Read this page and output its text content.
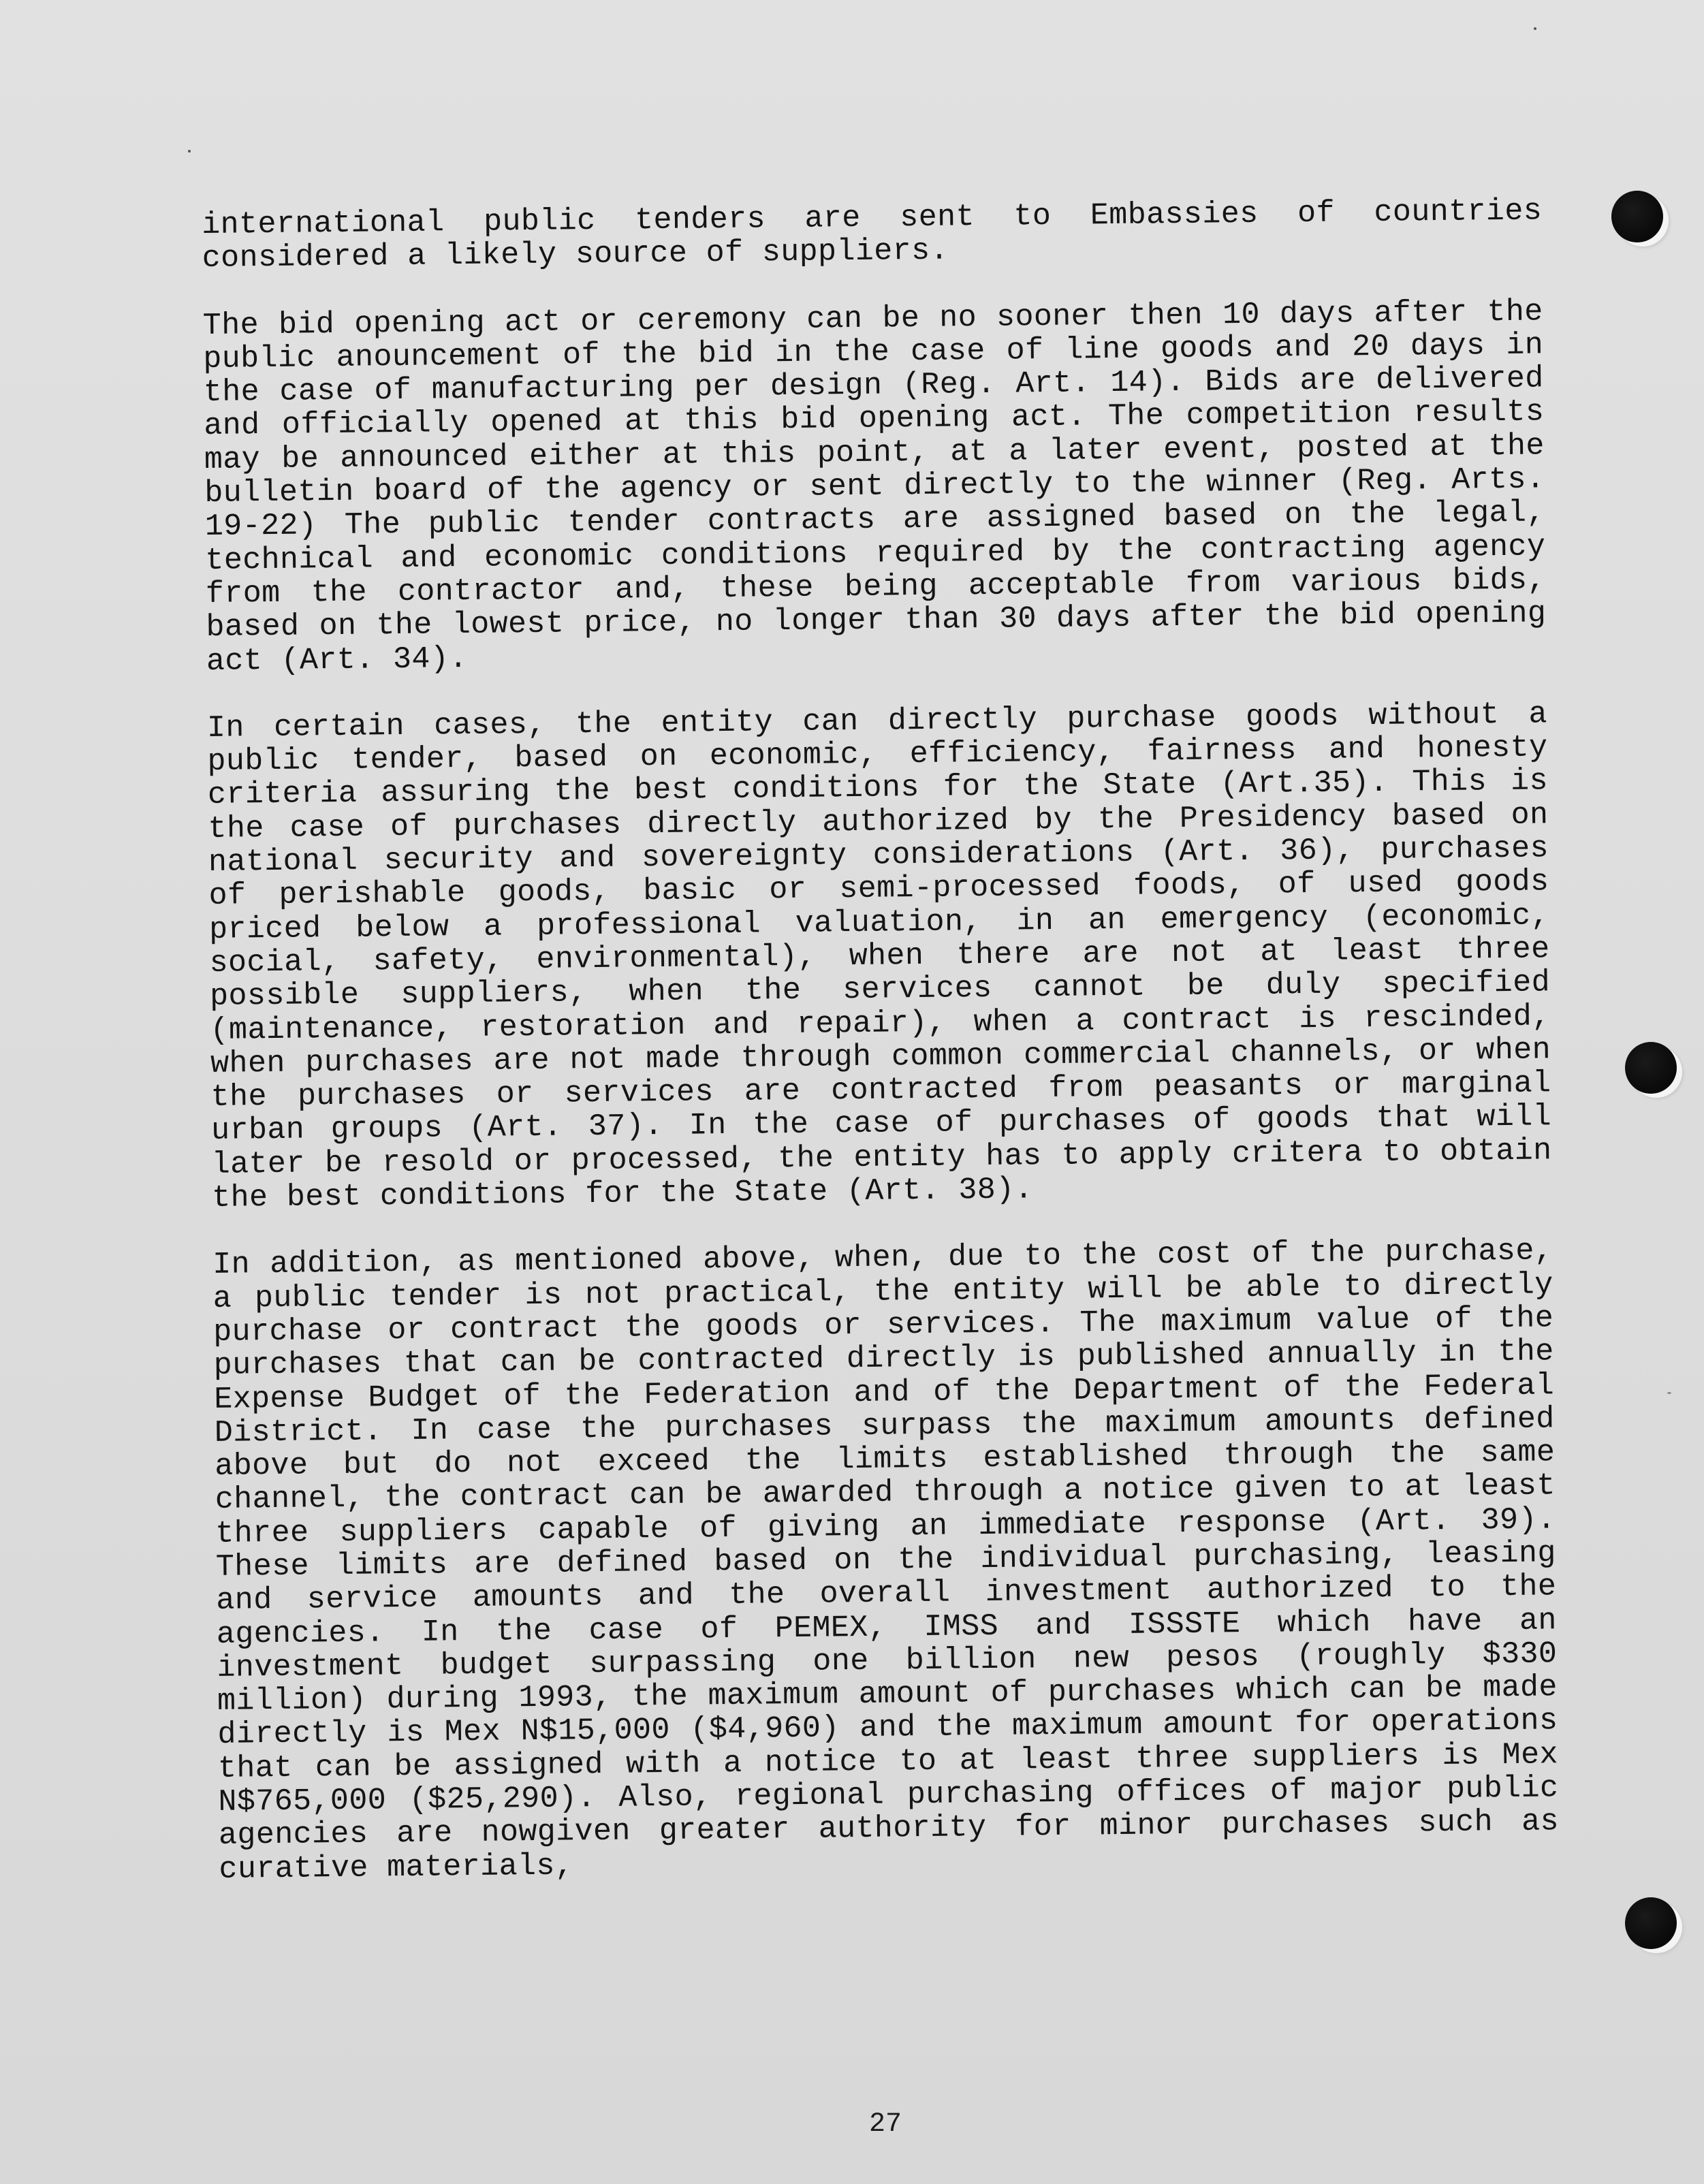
international public tenders are sent to Embassies of countries considered a likely source of suppliers.

The bid opening act or ceremony can be no sooner then 10 days after the public anouncement of the bid in the case of line goods and 20 days in the case of manufacturing per design (Reg. Art. 14). Bids are delivered and officially opened at this bid opening act. The competition results may be announced either at this point, at a later event, posted at the bulletin board of the agency or sent directly to the winner (Reg. Arts. 19-22) The public tender contracts are assigned based on the legal, technical and economic conditions required by the contracting agency from the contractor and, these being acceptable from various bids, based on the lowest price, no longer than 30 days after the bid opening act (Art. 34).

In certain cases, the entity can directly purchase goods without a public tender, based on economic, efficiency, fairness and honesty criteria assuring the best conditions for the State (Art.35). This is the case of purchases directly authorized by the Presidency based on national security and sovereignty considerations (Art. 36), purchases of perishable goods, basic or semi-processed foods, of used goods priced below a professional valuation, in an emergency (economic, social, safety, environmental), when there are not at least three possible suppliers, when the services cannot be duly specified (maintenance, restoration and repair), when a contract is rescinded, when purchases are not made through common commercial channels, or when the purchases or services are contracted from peasants or marginal urban groups (Art. 37). In the case of purchases of goods that will later be resold or processed, the entity has to apply critera to obtain the best conditions for the State (Art. 38).

In addition, as mentioned above, when, due to the cost of the purchase, a public tender is not practical, the entity will be able to directly purchase or contract the goods or services. The maximum value of the purchases that can be contracted directly is published annually in the Expense Budget of the Federation and of the Department of the Federal District. In case the purchases surpass the maximum amounts defined above but do not exceed the limits established through the same channel, the contract can be awarded through a notice given to at least three suppliers capable of giving an immediate response (Art. 39). These limits are defined based on the individual purchasing, leasing and service amounts and the overall investment authorized to the agencies. In the case of PEMEX, IMSS and ISSSTE which have an investment budget surpassing one billion new pesos (roughly $330 million) during 1993, the maximum amount of purchases which can be made directly is Mex N$15,000 ($4,960) and the maximum amount for operations that can be assigned with a notice to at least three suppliers is Mex N$765,000 ($25,290). Also, regional purchasing offices of major public agencies are nowgiven greater authority for minor purchases such as curative materials,

27
